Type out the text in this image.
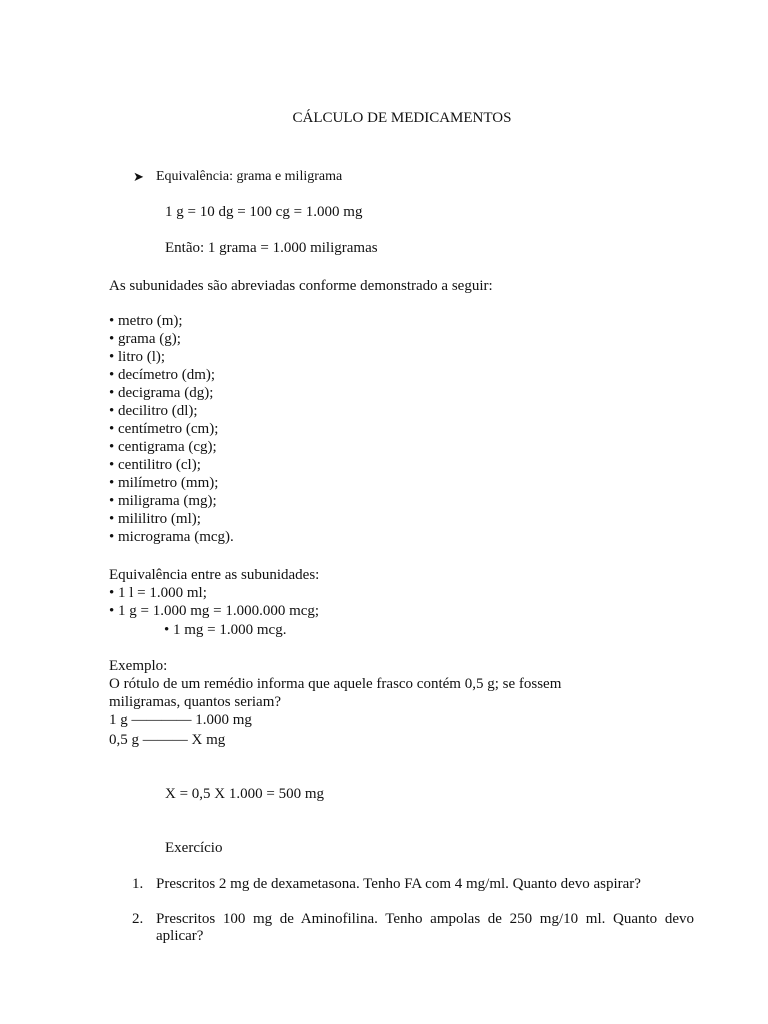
CÁLCULO DE MEDICAMENTOS
➤ Equivalência: grama e miligrama
1 g = 10 dg = 100 cg = 1.000 mg
Então: 1 grama = 1.000 miligramas
As subunidades são abreviadas conforme demonstrado a seguir:
• metro (m);
• grama (g);
• litro (l);
• decímetro (dm);
• decigrama (dg);
• decilitro (dl);
• centímetro (cm);
• centigrama (cg);
• centilitro (cl);
• milímetro (mm);
• miligrama (mg);
• mililitro (ml);
• micrograma (mcg).
Equivalência entre as subunidades:
• 1 l = 1.000 ml;
• 1 g = 1.000 mg = 1.000.000 mcg;
• 1 mg = 1.000 mcg.
Exemplo:
O rótulo de um remédio informa que aquele frasco contém 0,5 g; se fossem
miligramas, quantos seriam?
1 g ———— 1.000 mg
0,5 g ——— X mg
X = 0,5 X 1.000 = 500 mg
Exercício
1. Prescritos 2 mg de dexametasona. Tenho FA com 4 mg/ml. Quanto devo aspirar?
2. Prescritos 100 mg de Aminofilina. Tenho ampolas de 250 mg/10 ml. Quanto devo aplicar?
